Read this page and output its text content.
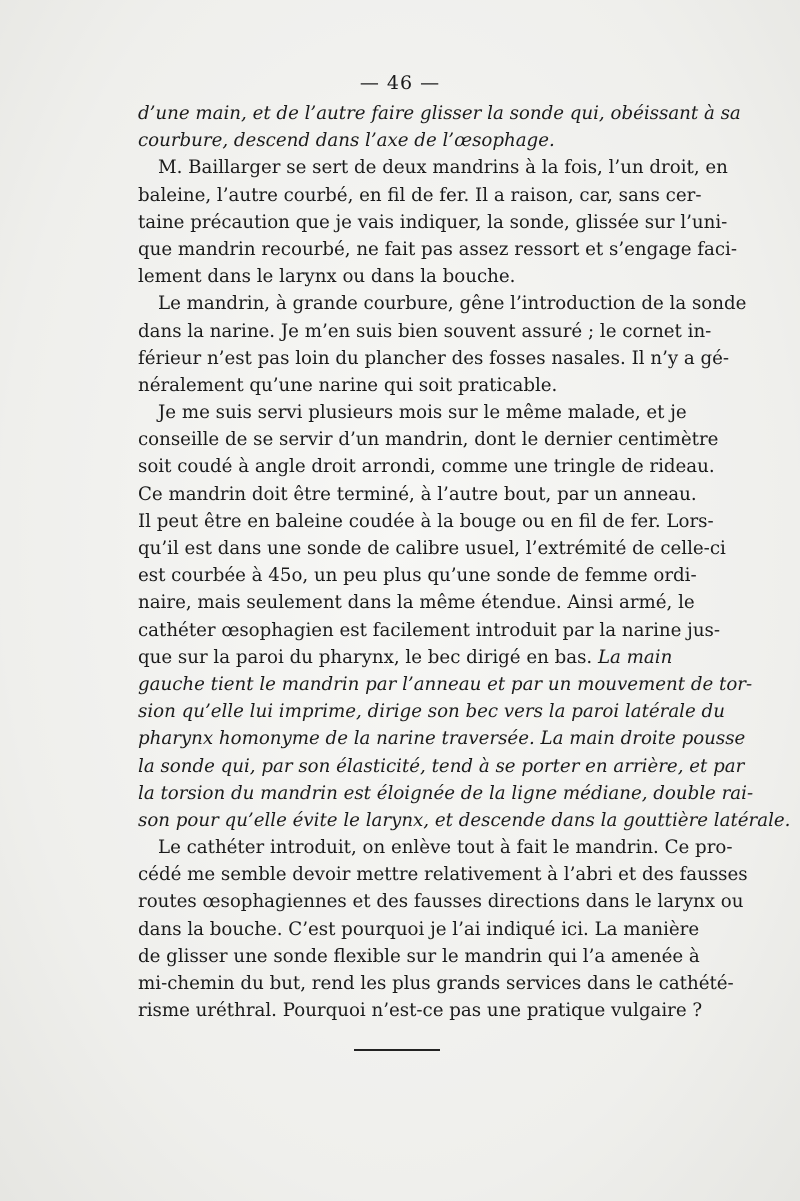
— 46 —
d’une main, et de l’autre faire glisser la sonde qui, obéissant à sa
courbure, descend dans l’axe de l’œsophage.
M. Baillarger se sert de deux mandrins à la fois, l’un droit, en
baleine, l’autre courbé, en fil de fer. Il a raison, car, sans cer-
taine précaution que je vais indiquer, la sonde, glissée sur l’uni-
que mandrin recourbé, ne fait pas assez ressort et s’engage faci-
lement dans le larynx ou dans la bouche.
Le mandrin, à grande courbure, gêne l’introduction de la sonde
dans la narine. Je m’en suis bien souvent assuré ; le cornet in-
férieur n’est pas loin du plancher des fosses nasales. Il n’y a gé-
néralement qu’une narine qui soit praticable.
Je me suis servi plusieurs mois sur le même malade, et je
conseille de se servir d’un mandrin, dont le dernier centimètre
soit coudé à angle droit arrondi, comme une tringle de rideau.
Ce mandrin doit être terminé, à l’autre bout, par un anneau.
Il peut être en baleine coudée à la bouge ou en fil de fer. Lors-
qu’il est dans une sonde de calibre usuel, l’extrémité de celle-ci
est courbée à 45o, un peu plus qu’une sonde de femme ordi-
naire, mais seulement dans la même étendue. Ainsi armé, le
cathéter œsophagien est facilement introduit par la narine jus-
que sur la paroi du pharynx, le bec dirigé en bas. La main
gauche tient le mandrin par l’anneau et par un mouvement de tor-
sion qu’elle lui imprime, dirige son bec vers la paroi latérale du
pharynx homonyme de la narine traversée. La main droite pousse
la sonde qui, par son élasticité, tend à se porter en arrière, et par
la torsion du mandrin est éloignée de la ligne médiane, double rai-
son pour qu’elle évite le larynx, et descende dans la gouttière latérale.
Le cathéter introduit, on enlève tout à fait le mandrin. Ce pro-
cédé me semble devoir mettre relativement à l’abri et des fausses
routes œsophagiennes et des fausses directions dans le larynx ou
dans la bouche. C’est pourquoi je l’ai indiqué ici. La manière
de glisser une sonde flexible sur le mandrin qui l’a amenée à
mi-chemin du but, rend les plus grands services dans le cathété-
risme uréthral. Pourquoi n’est-ce pas une pratique vulgaire ?
